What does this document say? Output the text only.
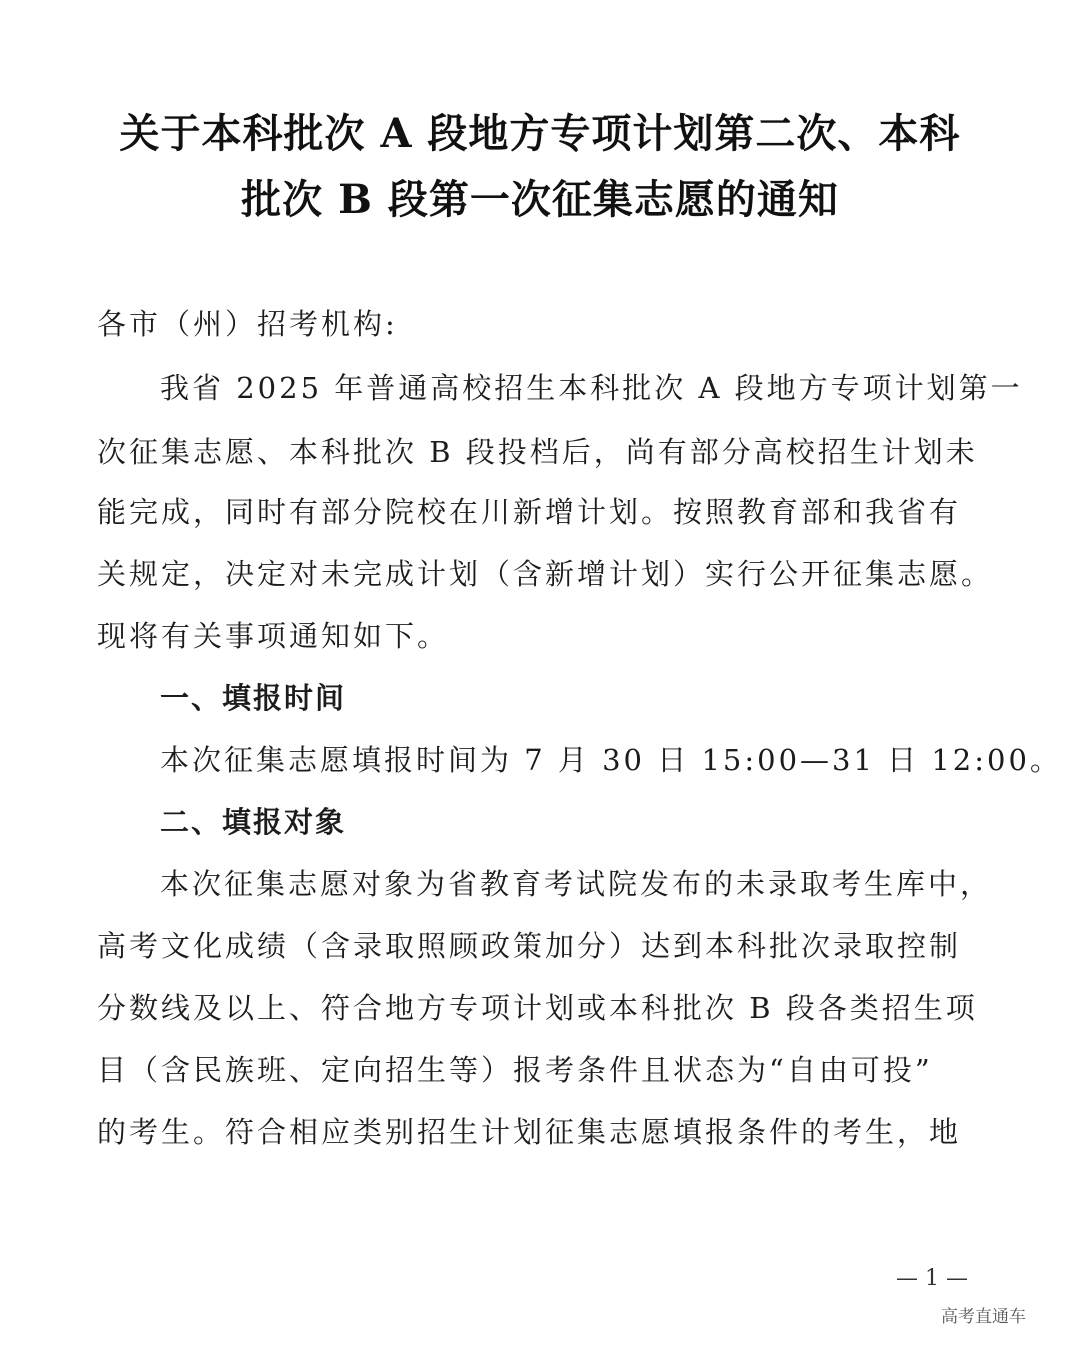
关于本科批次 A 段地方专项计划第二次、本科
批次 B 段第一次征集志愿的通知
各市（州）招考机构:
我省 2025 年普通高校招生本科批次 A 段地方专项计划第一
次征集志愿、本科批次 B 段投档后，尚有部分高校招生计划未
能完成，同时有部分院校在川新增计划。按照教育部和我省有
关规定，决定对未完成计划（含新增计划）实行公开征集志愿。
现将有关事项通知如下。
一、填报时间
本次征集志愿填报时间为 7 月 30 日 15:00—31 日 12:00。
二、填报对象
本次征集志愿对象为省教育考试院发布的未录取考生库中，
高考文化成绩（含录取照顾政策加分）达到本科批次录取控制
分数线及以上、符合地方专项计划或本科批次 B 段各类招生项
目（含民族班、定向招生等）报考条件且状态为“自由可投”
的考生。符合相应类别招生计划征集志愿填报条件的考生，地
— 1 —
高考直通车
